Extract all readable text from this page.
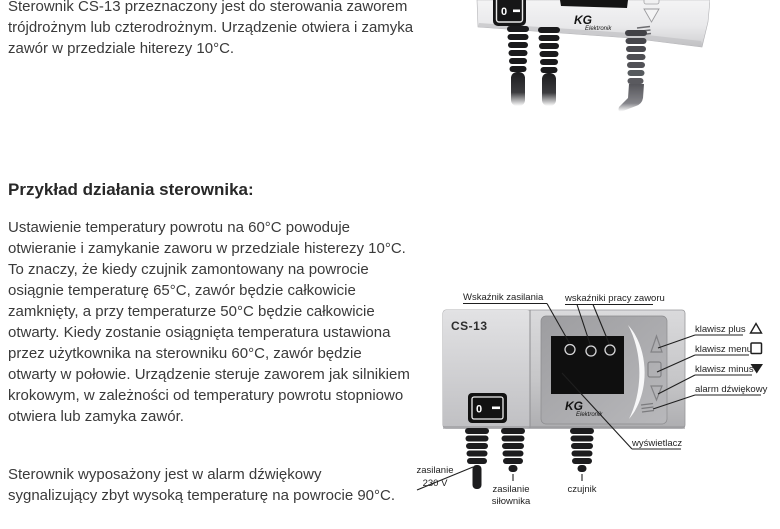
Sterownik CS-13 przeznaczony jest do sterowania zaworem trójdrożnym lub czterodrożnym. Urządzenie otwiera i zamyka zawór w przedziale hiterezy 10°C.

Przykład działania sterownika:

Ustawienie temperatury powrotu na 60°C powoduje otwieranie i zamykanie zaworu w przedziale histerezy 10°C. To znaczy, że kiedy czujnik zamontowany na powrocie osiągnie temperaturę 65°C, zawór będzie całkowicie zamknięty, a przy temperaturze 50°C będzie całkowicie otwarty. Kiedy zostanie osiągnięta temperatura ustawiona przez użytkownika na sterowniku 60°C, zawór będzie otwarty w połowie. Urządzenie steruje zaworem jak silnikiem krokowym, w zależności od temperatury powrotu stopniowo otwiera lub zamyka zawór.

Sterownik wyposażony jest w alarm dźwiękowy sygnalizujący zbyt wysoką temperaturę na powrocie 90°C.

KG
Elektronik
0
CS-13
KG
Elektronik
0
Wskaźnik zasilania wskaźniki pracy zaworu
klawisz plus
klawisz menu
klawisz minus
alarm dźwiękowy
wyświetlacz
zasilanie
230 V
zasilanie
siłownika
czujnik
